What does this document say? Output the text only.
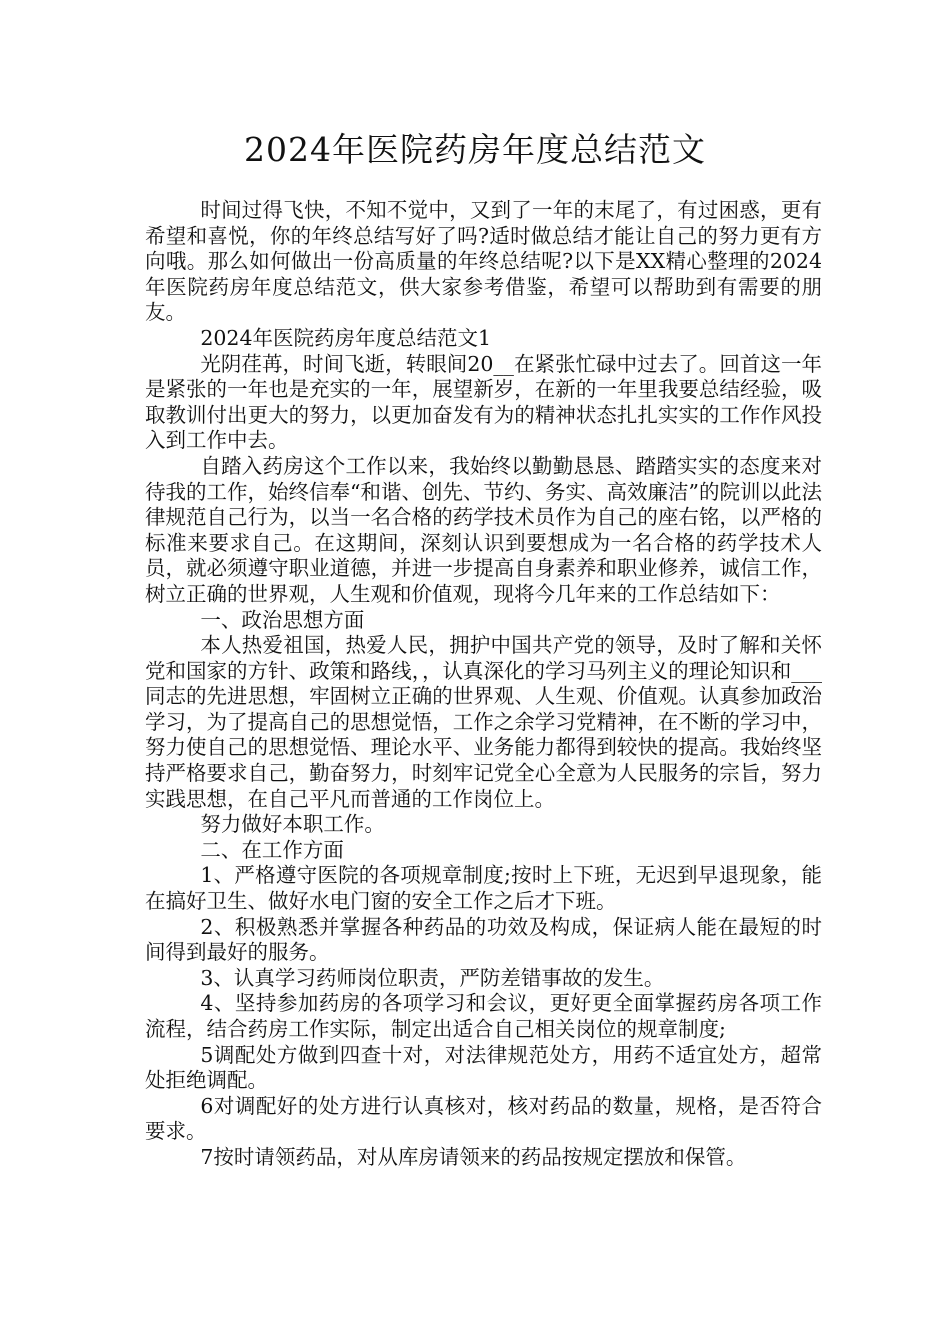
2024年医院药房年度总结范文

时间过得飞快，不知不觉中，又到了一年的末尾了，有过困惑，更有希望和喜悦，你的年终总结写好了吗?适时做总结才能让自己的努力更有方向哦。那么如何做出一份高质量的年终总结呢?以下是XX精心整理的2024年医院药房年度总结范文，供大家参考借鉴，希望可以帮助到有需要的朋友。

2024年医院药房年度总结范文1

光阴荏苒，时间飞逝，转眼间20__在紧张忙碌中过去了。回首这一年是紧张的一年也是充实的一年，展望新岁，在新的一年里我要总结经验，吸取教训付出更大的努力，以更加奋发有为的精神状态扎扎实实的工作作风投入到工作中去。

自踏入药房这个工作以来，我始终以勤勤恳恳、踏踏实实的态度来对待我的工作，始终信奉“和谐、创先、节约、务实、高效廉洁”的院训以此法律规范自己行为，以当一名合格的药学技术员作为自己的座右铭，以严格的标准来要求自己。在这期间，深刻认识到要想成为一名合格的药学技术人员，就必须遵守职业道德，并进一步提高自身素养和职业修养，诚信工作，树立正确的世界观，人生观和价值观，现将今几年来的工作总结如下：

一、政治思想方面

本人热爱祖国，热爱人民，拥护中国共产党的领导，及时了解和关怀党和国家的方针、政策和路线，，认真深化的学习马列主义的理论知识和___同志的先进思想，牢固树立正确的世界观、人生观、价值观。认真参加政治学习，为了提高自己的思想觉悟，工作之余学习党精神，在不断的学习中，努力使自己的思想觉悟、理论水平、业务能力都得到较快的提高。我始终坚持严格要求自己，勤奋努力，时刻牢记党全心全意为人民服务的宗旨，努力实践思想，在自己平凡而普通的工作岗位上。

努力做好本职工作。

二、在工作方面

1、严格遵守医院的各项规章制度;按时上下班，无迟到早退现象，能在搞好卫生、做好水电门窗的安全工作之后才下班。

2、积极熟悉并掌握各种药品的功效及构成，保证病人能在最短的时间得到最好的服务。

3、认真学习药师岗位职责，严防差错事故的发生。

4、坚持参加药房的各项学习和会议，更好更全面掌握药房各项工作流程，结合药房工作实际，制定出适合自己相关岗位的规章制度;

5调配处方做到四查十对，对法律规范处方，用药不适宜处方，超常处拒绝调配。

6对调配好的处方进行认真核对，核对药品的数量，规格，是否符合要求。

7按时请领药品，对从库房请领来的药品按规定摆放和保管。
